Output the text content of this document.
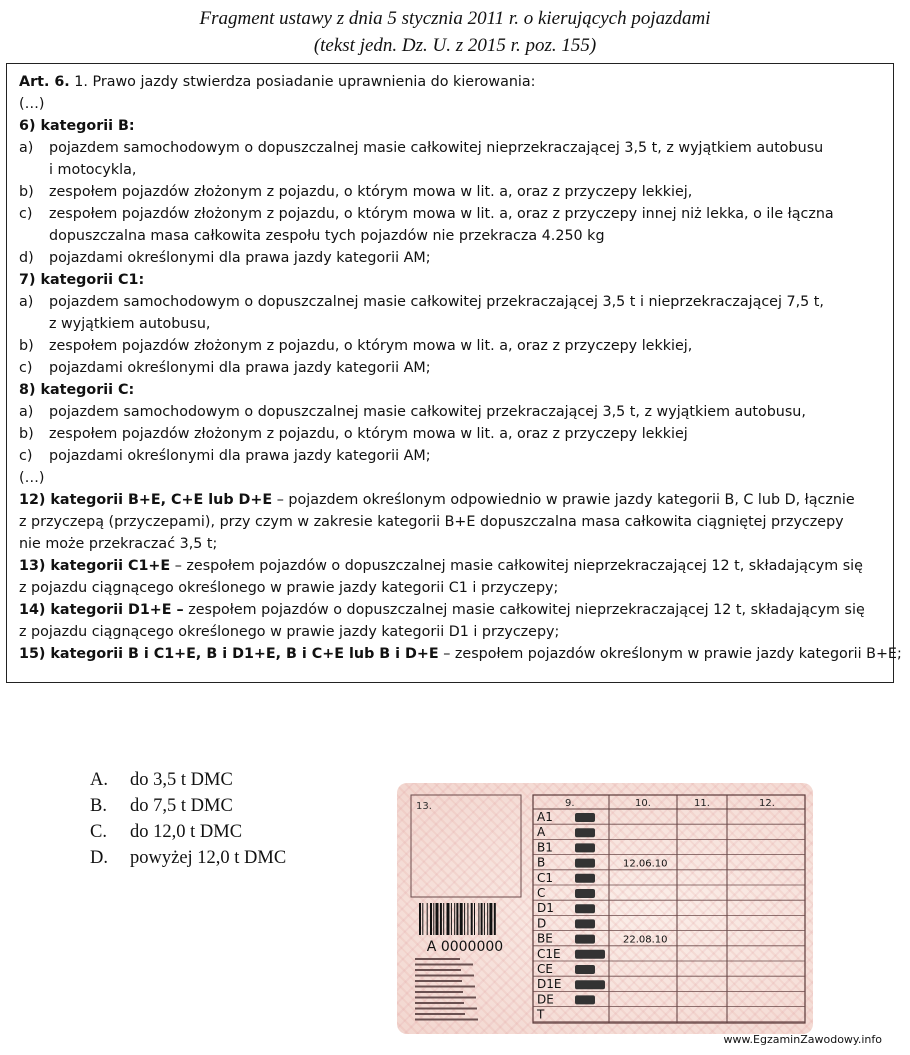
Fragment ustawy z dnia 5 stycznia 2011 r. o kierujących pojazdami
(tekst jedn. Dz. U. z 2015 r. poz. 155)
Art. 6. 1. Prawo jazdy stwierdza posiadanie uprawnienia do kierowania:
(…)
6) kategorii B:
a) pojazdem samochodowym o dopuszczalnej masie całkowitej nieprzekraczającej 3,5 t, z wyjątkiem autobusu
i motocykla,
b) zespołem pojazdów złożonym z pojazdu, o którym mowa w lit. a, oraz z przyczepy lekkiej,
c) zespołem pojazdów złożonym z pojazdu, o którym mowa w lit. a, oraz z przyczepy innej niż lekka, o ile łączna
dopuszczalna masa całkowita zespołu tych pojazdów nie przekracza 4.250 kg
d) pojazdami określonymi dla prawa jazdy kategorii AM;
7) kategorii C1:
a) pojazdem samochodowym o dopuszczalnej masie całkowitej przekraczającej 3,5 t i nieprzekraczającej 7,5 t,
z wyjątkiem autobusu,
b) zespołem pojazdów złożonym z pojazdu, o którym mowa w lit. a, oraz z przyczepy lekkiej,
c) pojazdami określonymi dla prawa jazdy kategorii AM;
8) kategorii C:
a) pojazdem samochodowym o dopuszczalnej masie całkowitej przekraczającej 3,5 t, z wyjątkiem autobusu,
b) zespołem pojazdów złożonym z pojazdu, o którym mowa w lit. a, oraz z przyczepy lekkiej
c) pojazdami określonymi dla prawa jazdy kategorii AM;
(…)
12) kategorii B+E, C+E lub D+E – pojazdem określonym odpowiednio w prawie jazdy kategorii B, C lub D, łącznie
z przyczepą (przyczepami), przy czym w zakresie kategorii B+E dopuszczalna masa całkowita ciągniętej przyczepy
nie może przekraczać 3,5 t;
13) kategorii C1+E – zespołem pojazdów o dopuszczalnej masie całkowitej nieprzekraczającej 12 t, składającym się
z pojazdu ciągnącego określonego w prawie jazdy kategorii C1 i przyczepy;
14) kategorii D1+E – zespołem pojazdów o dopuszczalnej masie całkowitej nieprzekraczającej 12 t, składającym się
z pojazdu ciągnącego określonego w prawie jazdy kategorii D1 i przyczepy;
15) kategorii B i C1+E, B i D1+E, B i C+E lub B i D+E – zespołem pojazdów określonym w prawie jazdy kategorii B+E;
A. do 3,5 t DMC
B. do 7,5 t DMC
C. do 12,0 t DMC
D. powyżej 12,0 t DMC
13.	9.	10.	11.	12.
A1
A
B1
B	12.06.10
C1
C
D1
D
BE	22.08.10
C1E
CE
D1E
DE
T
A 0000000
www.EgzaminZawodowy.info
